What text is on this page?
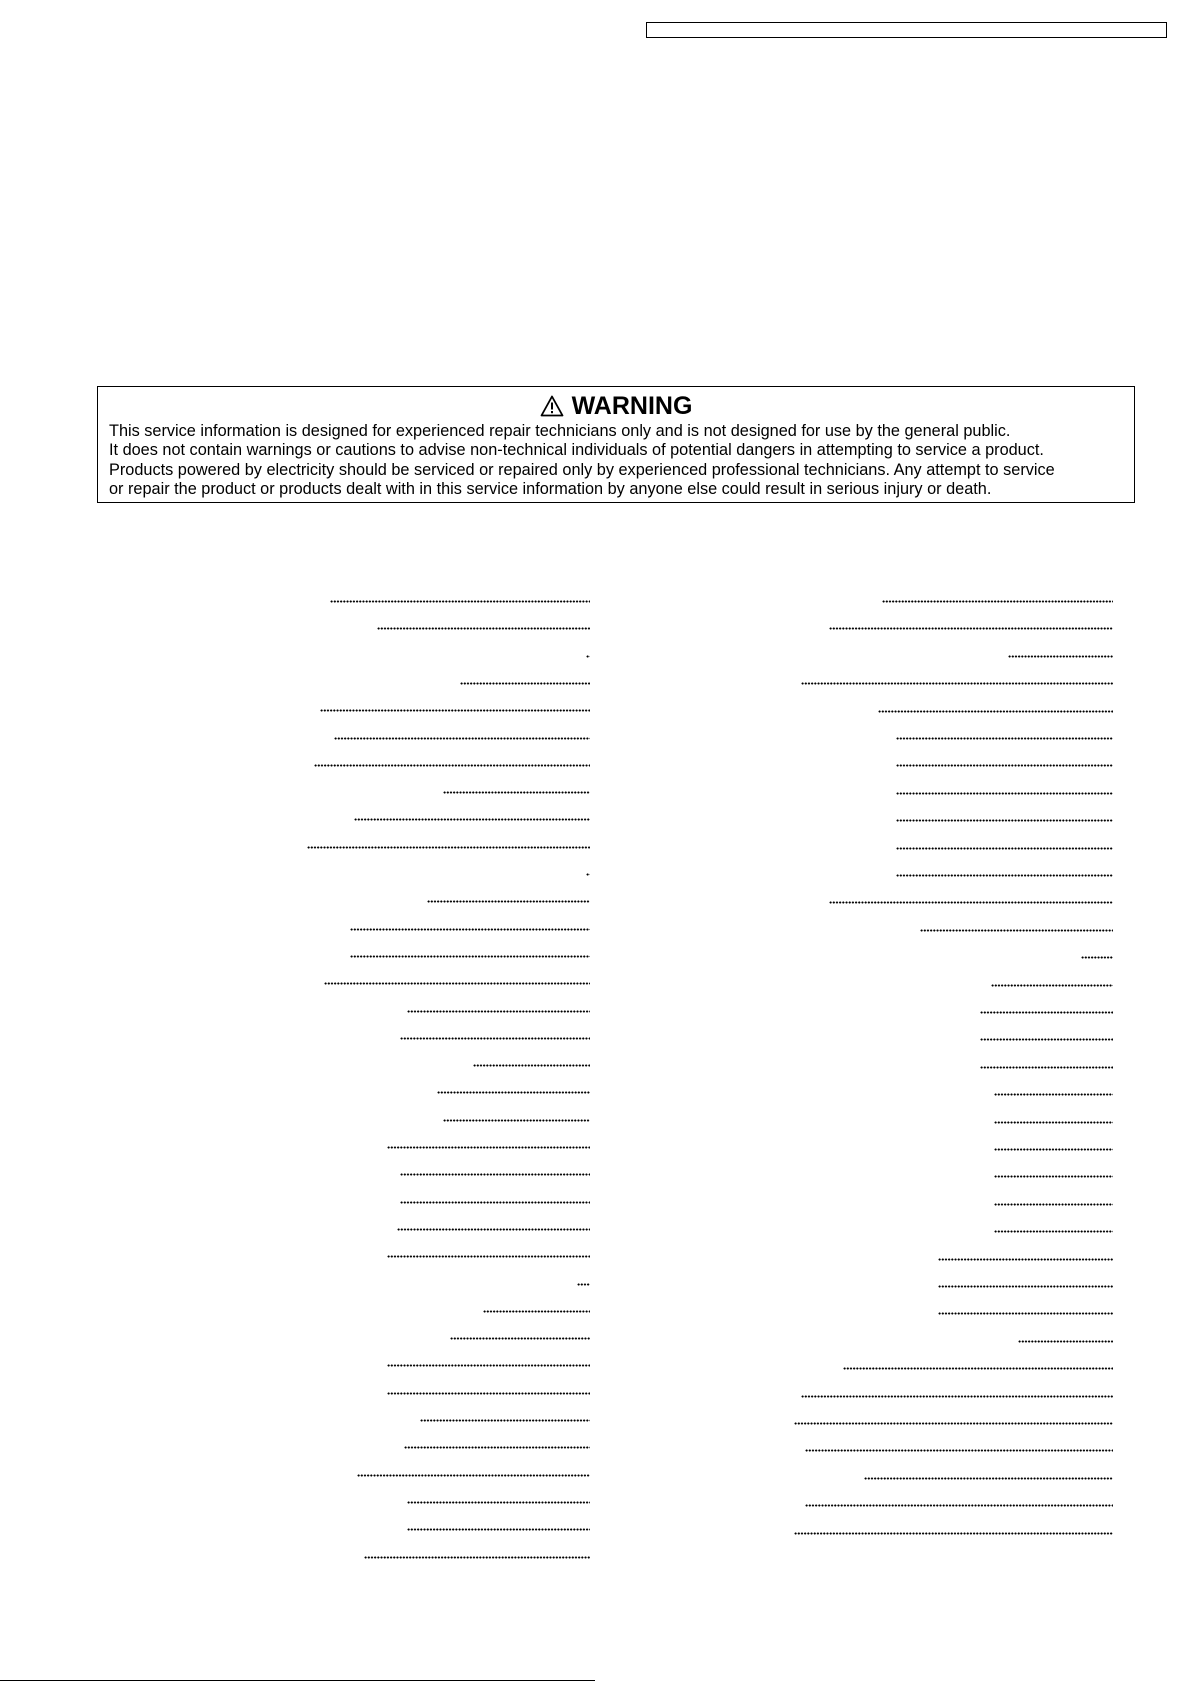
WARNING
This service information is designed for experienced repair technicians only and is not designed for use by the general public.
It does not contain warnings or cautions to advise non-technical individuals of potential dangers in attempting to service a product.
Products powered by electricity should be serviced or repaired only by experienced professional technicians. Any attempt to service
or repair the product or products dealt with in this service information by anyone else could result in serious injury or death.
